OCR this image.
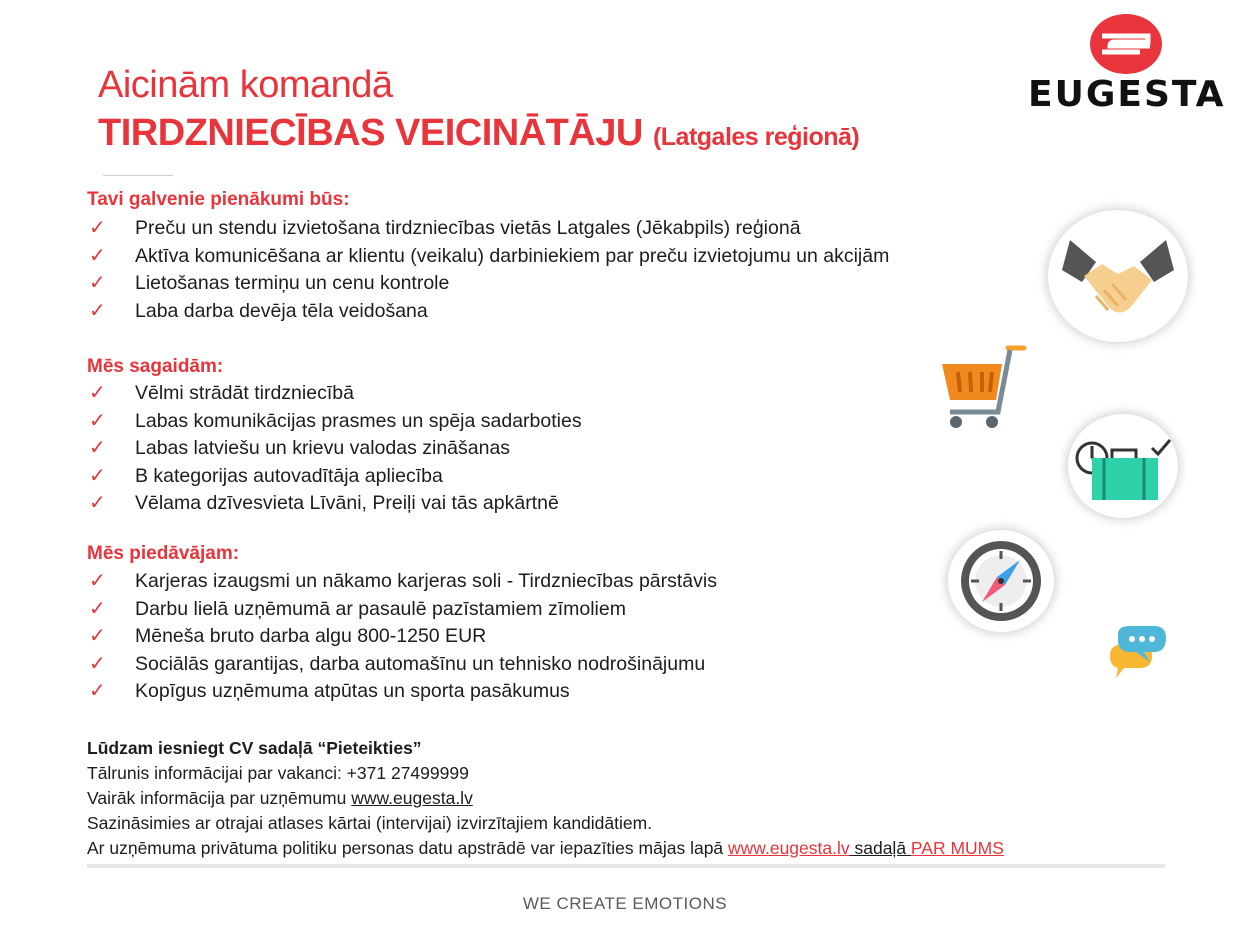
EUGESTA
Aicinām komandā
TIRDZNIECĪBAS VEICINĀTĀJU (Latgales reģionā)
Tavi galvenie pienākumi būs:
✓ Preču un stendu izvietošana tirdzniecības vietās Latgales (Jēkabpils) reģionā
✓ Aktīva komunicēšana ar klientu (veikalu) darbiniekiem par preču izvietojumu un akcijām
✓ Lietošanas termiņu un cenu kontrole
✓ Laba darba devēja tēla veidošana
Mēs sagaidām:
✓ Vēlmi strādāt tirdzniecībā
✓ Labas komunikācijas prasmes un spēja sadarboties
✓ Labas latviešu un krievu valodas zināšanas
✓ B kategorijas autovadītāja apliecība
✓ Vēlama dzīvesvieta Līvāni, Preiļi vai tās apkārtnē
Mēs piedāvājam:
✓ Karjeras izaugsmi un nākamo karjeras soli - Tirdzniecības pārstāvis
✓ Darbu lielā uzņēmumā ar pasaulē pazīstamiem zīmoliem
✓ Mēneša bruto darba algu 800-1250 EUR
✓ Sociālās garantijas, darba automašīnu un tehnisko nodrošinājumu
✓ Kopīgus uzņēmuma atpūtas un sporta pasākumus
Lūdzam iesniegt CV sadaļā “Pieteikties”
Tālrunis informācijai par vakanci: +371 27499999
Vairāk informācija par uzņēmumu www.eugesta.lv
Sazināsimies ar otrajai atlases kārtai (intervijai) izvirzītajiem kandidātiem.
Ar uzņēmuma privātuma politiku personas datu apstrādē var iepazīties mājas lapā www.eugesta.lv sadaļā PAR MUMS
WE CREATE EMOTIONS
